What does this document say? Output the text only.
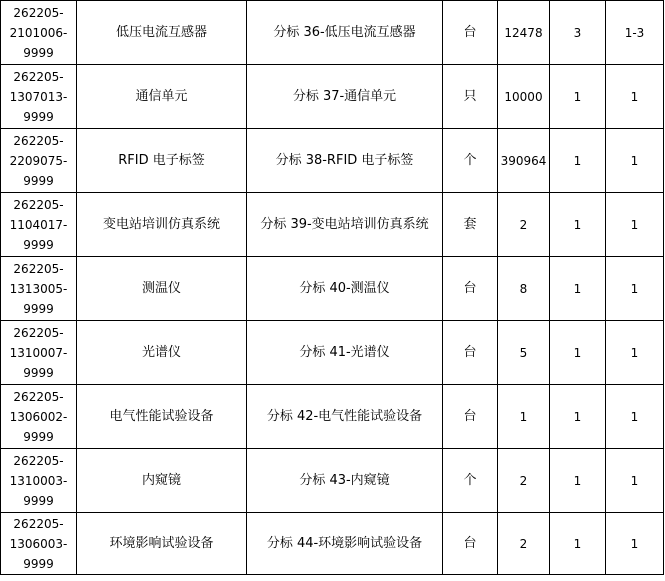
262205-
2101006-
9999	低压电流互感器	分标 36-低压电流互感器	台	12478	3	1-3

262205-
1307013-
9999	通信单元	分标 37-通信单元	只	10000	1	1

262205-
2209075-
9999	RFID 电子标签	分标 38-RFID 电子标签	个	390964	1	1

262205-
1104017-
9999	变电站培训仿真系统	分标 39-变电站培训仿真系统	套	2	1	1

262205-
1313005-
9999	测温仪	分标 40-测温仪	台	8	1	1

262205-
1310007-
9999	光谱仪	分标 41-光谱仪	台	5	1	1

262205-
1306002-
9999	电气性能试验设备	分标 42-电气性能试验设备	台	1	1	1

262205-
1310003-
9999	内窥镜	分标 43-内窥镜	个	2	1	1

262205-
1306003-
9999	环境影响试验设备	分标 44-环境影响试验设备	台	2	1	1
